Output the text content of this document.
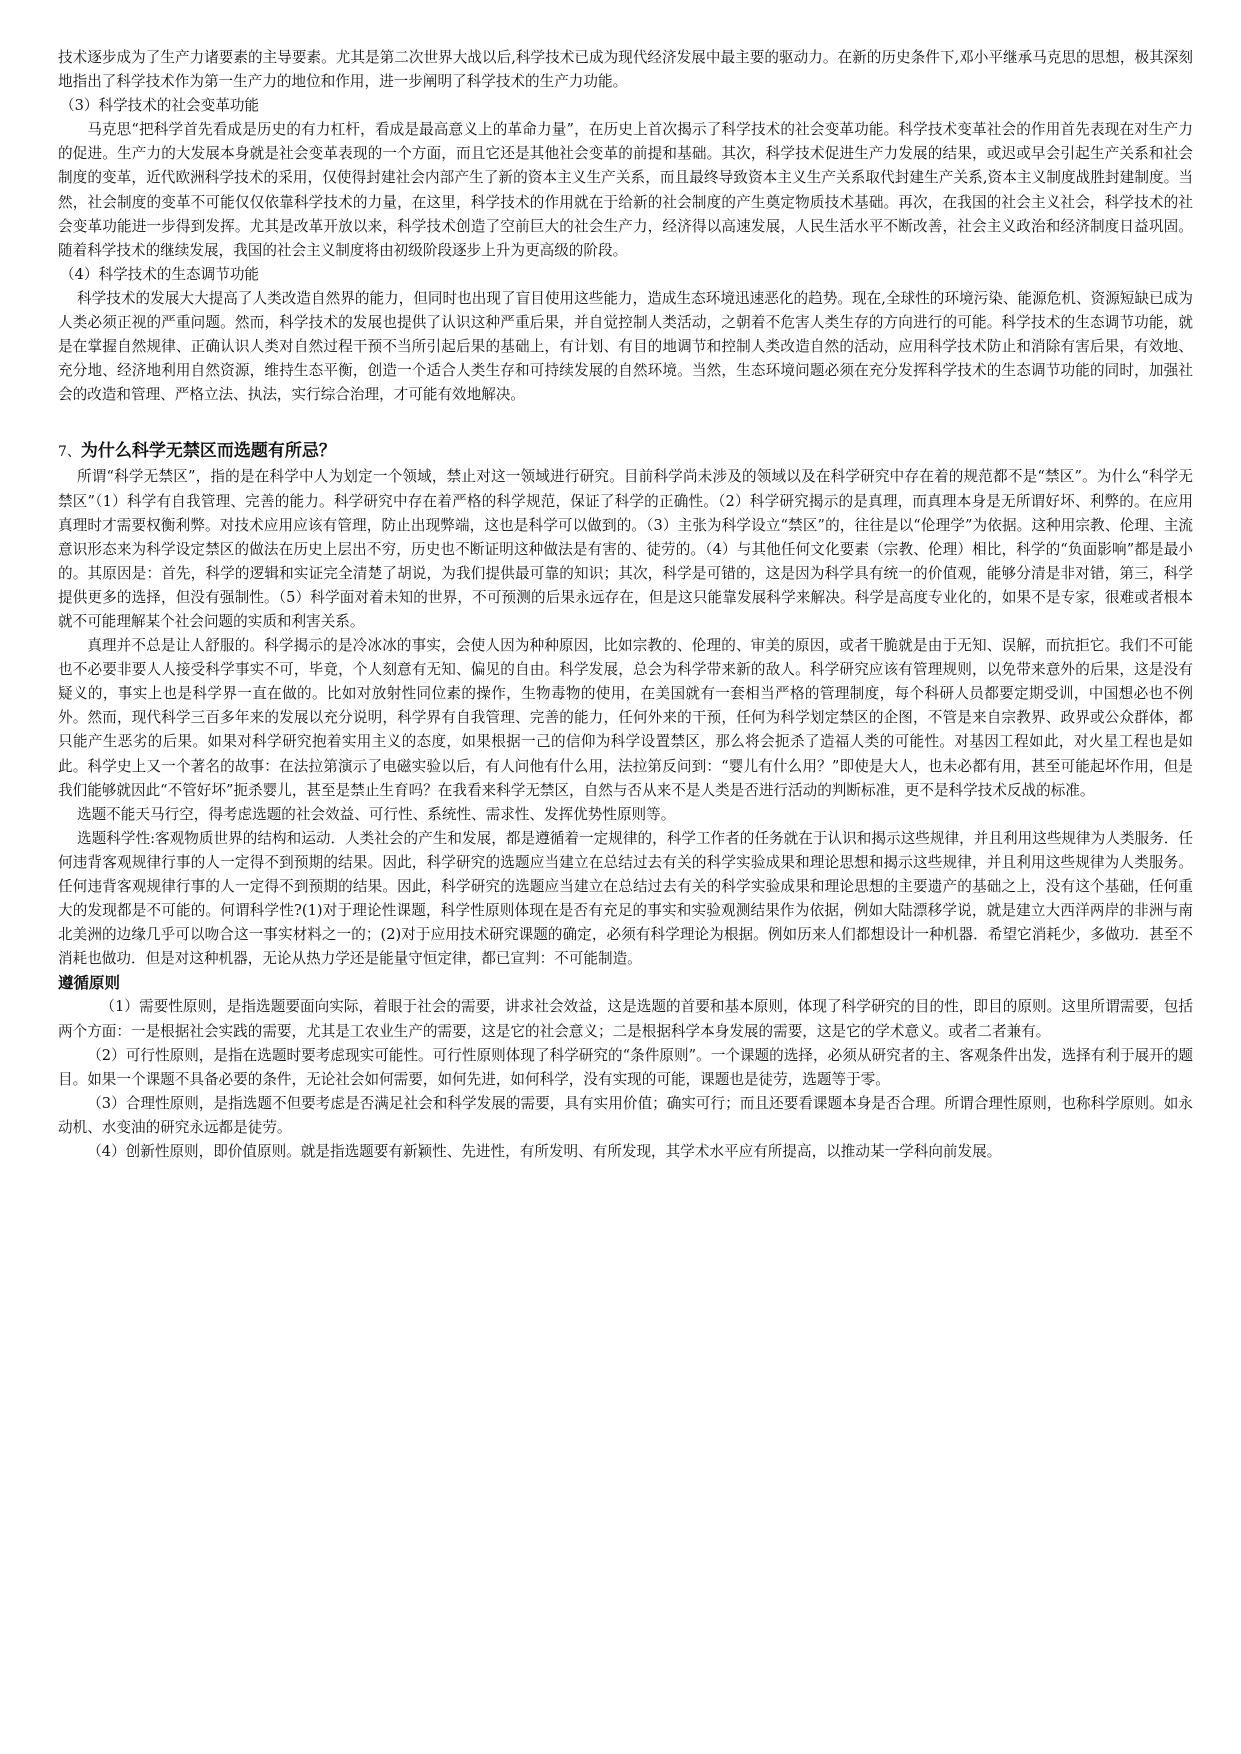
技术逐步成为了生产力诸要素的主导要素。尤其是第二次世界大战以后,科学技术已成为现代经济发展中最主要的驱动力。在新的历史条件下,邓小平继承马克思的思想，极其深刻地指出了科学技术作为第一生产力的地位和作用，进一步阐明了科学技术的生产力功能。

（3）科学技术的社会变革功能

马克思“把科学首先看成是历史的有力杠杆，看成是最高意义上的革命力量”，在历史上首次揭示了科学技术的社会变革功能。科学技术变革社会的作用首先表现在对生产力的促进。生产力的大发展本身就是社会变革表现的一个方面，而且它还是其他社会变革的前提和基础。其次，科学技术促进生产力发展的结果，或迟或早会引起生产关系和社会制度的变革，近代欧洲科学技术的采用，仅使得封建社会内部产生了新的资本主义生产关系，而且最终导致资本主义生产关系取代封建生产关系,资本主义制度战胜封建制度。当然，社会制度的变革不可能仅仅依靠科学技术的力量，在这里，科学技术的作用就在于给新的社会制度的产生奠定物质技术基础。再次，在我国的社会主义社会，科学技术的社会变革功能进一步得到发挥。尤其是改革开放以来，科学技术创造了空前巨大的社会生产力，经济得以高速发展，人民生活水平不断改善，社会主义政治和经济制度日益巩固。随着科学技术的继续发展，我国的社会主义制度将由初级阶段逐步上升为更高级的阶段。

（4）科学技术的生态调节功能

科学技术的发展大大提高了人类改造自然界的能力，但同时也出现了盲目使用这些能力，造成生态环境迅速恶化的趋势。现在,全球性的环境污染、能源危机、资源短缺已成为人类必须正视的严重问题。然而，科学技术的发展也提供了认识这种严重后果，并自觉控制人类活动，之朝着不危害人类生存的方向进行的可能。科学技术的生态调节功能，就是在掌握自然规律、正确认识人类对自然过程干预不当所引起后果的基础上，有计划、有目的地调节和控制人类改造自然的活动，应用科学技术防止和消除有害后果，有效地、充分地、经济地利用自然资源，维持生态平衡，创造一个适合人类生存和可持续发展的自然环境。当然，生态环境问题必须在充分发挥科学技术的生态调节功能的同时，加强社会的改造和管理、严格立法、执法，实行综合治理，才可能有效地解决。

7、为什么科学无禁区而选题有所忌？

所谓“科学无禁区”，指的是在科学中人为划定一个领域，禁止对这一领域进行研究。目前科学尚未涉及的领域以及在科学研究中存在着的规范都不是“禁区”。为什么“科学无禁区”（1）科学有自我管理、完善的能力。科学研究中存在着严格的科学规范，保证了科学的正确性。（2）科学研究揭示的是真理，而真理本身是无所谓好坏、利弊的。在应用真理时才需要权衡利弊。对技术应用应该有管理，防止出现弊端，这也是科学可以做到的。（3）主张为科学设立“禁区”的，往往是以“伦理学”为依据。这种用宗教、伦理、主流意识形态来为科学设定禁区的做法在历史上层出不穷，历史也不断证明这种做法是有害的、徒劳的。（4）与其他任何文化要素（宗教、伦理）相比，科学的“负面影响”都是最小的。其原因是：首先，科学的逻辑和实证完全清楚了胡说，为我们提供最可靠的知识；其次，科学是可错的，这是因为科学具有统一的价值观，能够分清是非对错，第三，科学提供更多的选择，但没有强制性。（5）科学面对着未知的世界，不可预测的后果永远存在，但是这只能靠发展科学来解决。科学是高度专业化的，如果不是专家，很难或者根本就不可能理解某个社会问题的实质和利害关系。

真理并不总是让人舒服的。科学揭示的是冷冰冰的事实，会使人因为种种原因，比如宗教的、伦理的、审美的原因，或者干脆就是由于无知、误解，而抗拒它。我们不可能也不必要非要人人接受科学事实不可，毕竟，个人刻意有无知、偏见的自由。科学发展，总会为科学带来新的敌人。科学研究应该有管理规则，以免带来意外的后果，这是没有疑义的，事实上也是科学界一直在做的。比如对放射性同位素的操作，生物毒物的使用，在美国就有一套相当严格的管理制度，每个科研人员都要定期受训，中国想必也不例外。然而，现代科学三百多年来的发展以充分说明，科学界有自我管理、完善的能力，任何外来的干预，任何为科学划定禁区的企图，不管是来自宗教界、政界或公众群体，都只能产生恶劣的后果。如果对科学研究抱着实用主义的态度，如果根据一己的信仰为科学设置禁区，那么将会扼杀了造福人类的可能性。对基因工程如此，对火星工程也是如此。科学史上又一个著名的故事：在法拉第演示了电磁实验以后，有人问他有什么用，法拉第反问到：“婴儿有什么用？”即使是大人，也未必都有用，甚至可能起坏作用，但是我们能够就因此“不管好坏”扼杀婴儿，甚至是禁止生育吗？在我看来科学无禁区，自然与否从来不是人类是否进行活动的判断标准，更不是科学技术反战的标准。

选题不能天马行空，得考虑选题的社会效益、可行性、系统性、需求性、发挥优势性原则等。

选题科学性:客观物质世界的结构和运动．人类社会的产生和发展，都是遵循着一定规律的，科学工作者的任务就在于认识和揭示这些规律，并且利用这些规律为人类服务．任何违背客观规律行事的人一定得不到预期的结果。因此，科学研究的选题应当建立在总结过去有关的科学实验成果和理论思想和揭示这些规律，并且利用这些规律为人类服务。任何违背客观规律行事的人一定得不到预期的结果。因此，科学研究的选题应当建立在总结过去有关的科学实验成果和理论思想的主要遗产的基础之上，没有这个基础，任何重大的发现都是不可能的。何谓科学性?(1)对于理论性课题，科学性原则体现在是否有充足的事实和实验观测结果作为依据，例如大陆漂移学说，就是建立大西洋两岸的非洲与南北美洲的边缘几乎可以吻合这一事实材料之一的；(2)对于应用技术研究课题的确定，必须有科学理论为根据。例如历来人们都想设计一种机器．希望它消耗少，多做功．甚至不消耗也做功．但是对这种机器，无论从热力学还是能量守恒定律，都已宣判：不可能制造。

遵循原则

（1）需要性原则，是指选题要面向实际，着眼于社会的需要，讲求社会效益，这是选题的首要和基本原则，体现了科学研究的目的性，即目的原则。这里所谓需要，包括两个方面：一是根据社会实践的需要，尤其是工农业生产的需要，这是它的社会意义；二是根据科学本身发展的需要，这是它的学术意义。或者二者兼有。

（2）可行性原则，是指在选题时要考虑现实可能性。可行性原则体现了科学研究的“条件原则”。一个课题的选择，必须从研究者的主、客观条件出发，选择有利于展开的题目。如果一个课题不具备必要的条件，无论社会如何需要，如何先进，如何科学，没有实现的可能，课题也是徒劳，选题等于零。

（3）合理性原则，是指选题不但要考虑是否满足社会和科学发展的需要，具有实用价值；确实可行；而且还要看课题本身是否合理。所谓合理性原则，也称科学原则。如永动机、水变油的研究永远都是徒劳。

（4）创新性原则，即价值原则。就是指选题要有新颖性、先进性，有所发明、有所发现，其学术水平应有所提高，以推动某一学科向前发展。
